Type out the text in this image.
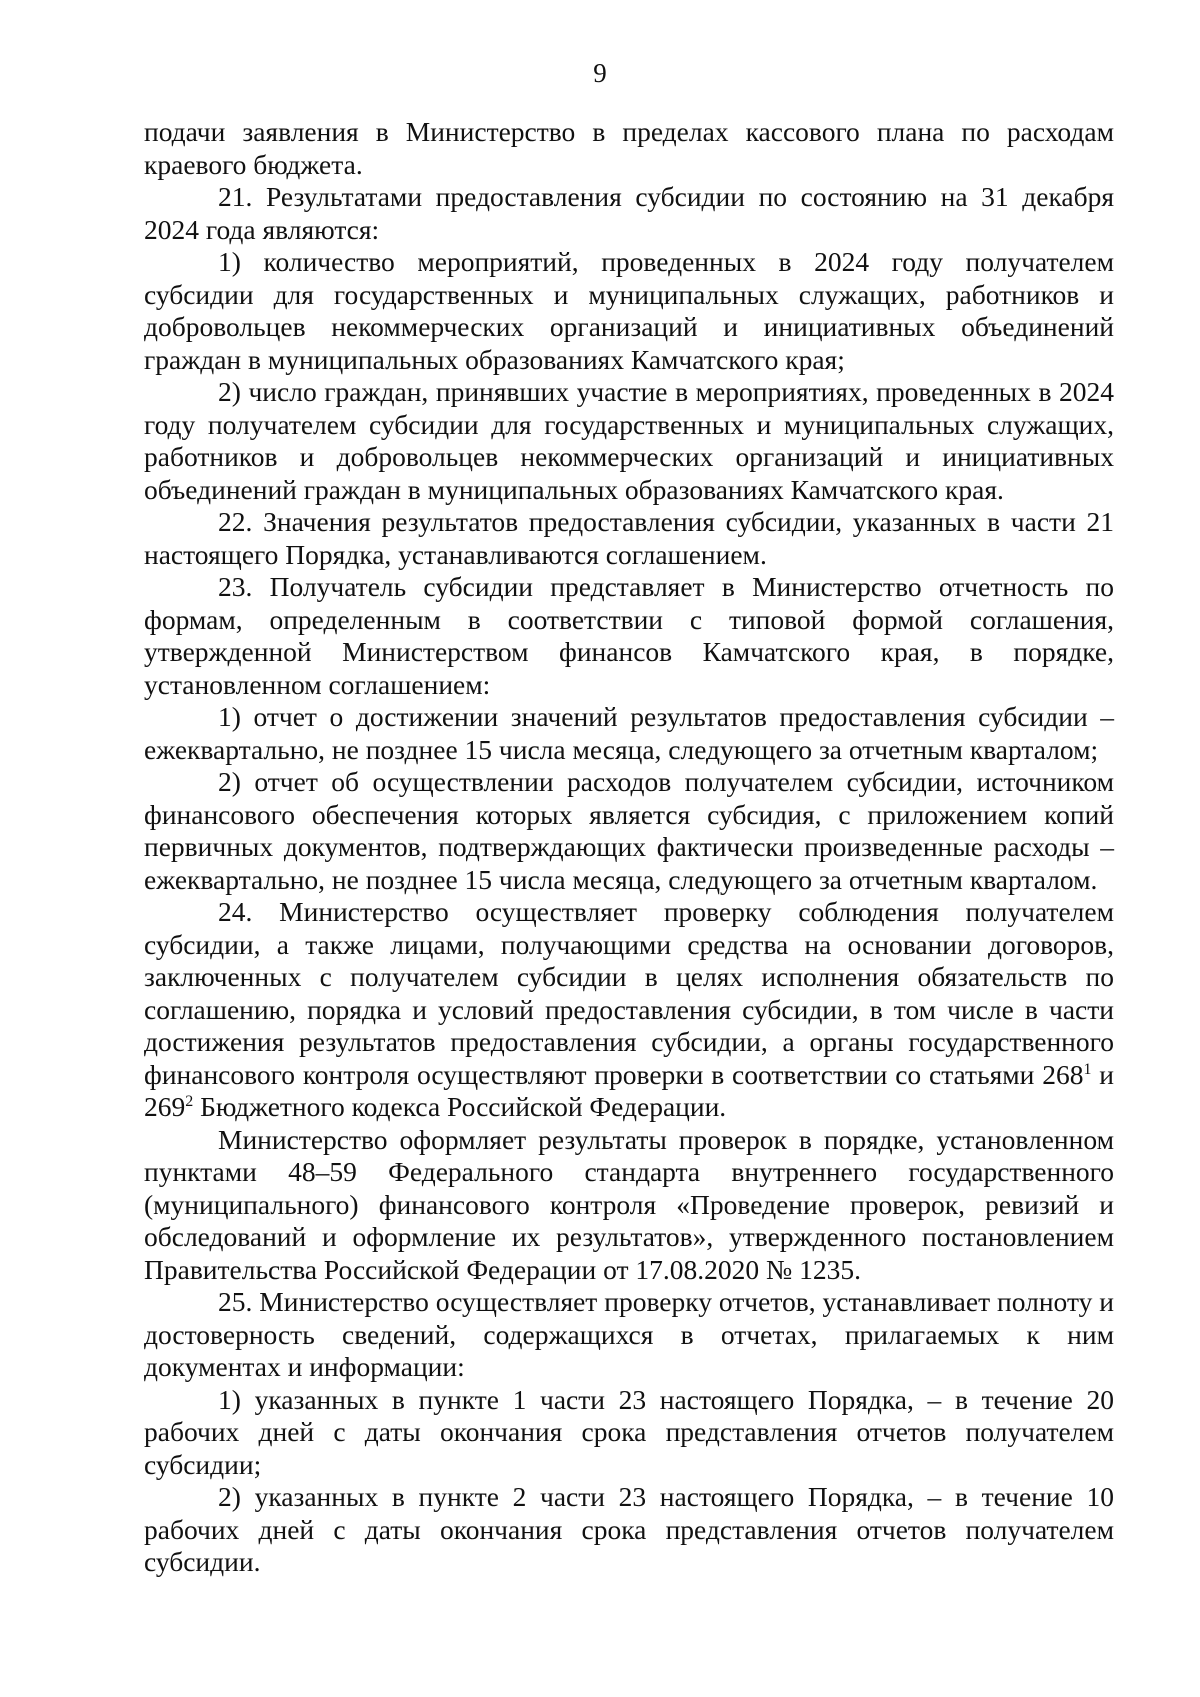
9

подачи заявления в Министерство в пределах кассового плана по расходам краевого бюджета.

21. Результатами предоставления субсидии по состоянию на 31 декабря 2024 года являются:

1) количество мероприятий, проведенных в 2024 году получателем субсидии для государственных и муниципальных служащих, работников и добровольцев некоммерческих организаций и инициативных объединений граждан в муниципальных образованиях Камчатского края;

2) число граждан, принявших участие в мероприятиях, проведенных в 2024 году получателем субсидии для государственных и муниципальных служащих, работников и добровольцев некоммерческих организаций и инициативных объединений граждан в муниципальных образованиях Камчатского края.

22. Значения результатов предоставления субсидии, указанных в части 21 настоящего Порядка, устанавливаются соглашением.

23. Получатель субсидии представляет в Министерство отчетность по формам, определенным в соответствии с типовой формой соглашения, утвержденной Министерством финансов Камчатского края, в порядке, установленном соглашением:

1) отчет о достижении значений результатов предоставления субсидии – ежеквартально, не позднее 15 числа месяца, следующего за отчетным кварталом;

2) отчет об осуществлении расходов получателем субсидии, источником финансового обеспечения которых является субсидия, с приложением копий первичных документов, подтверждающих фактически произведенные расходы – ежеквартально, не позднее 15 числа месяца, следующего за отчетным кварталом.

24. Министерство осуществляет проверку соблюдения получателем субсидии, а также лицами, получающими средства на основании договоров, заключенных с получателем субсидии в целях исполнения обязательств по соглашению, порядка и условий предоставления субсидии, в том числе в части достижения результатов предоставления субсидии, а органы государственного финансового контроля осуществляют проверки в соответствии со статьями $268^1$ и $269^2$ Бюджетного кодекса Российской Федерации.

Министерство оформляет результаты проверок в порядке, установленном пунктами 48–59 Федерального стандарта внутреннего государственного (муниципального) финансового контроля «Проведение проверок, ревизий и обследований и оформление их результатов», утвержденного постановлением Правительства Российской Федерации от 17.08.2020 № 1235.

25. Министерство осуществляет проверку отчетов, устанавливает полноту и достоверность сведений, содержащихся в отчетах, прилагаемых к ним документах и информации:

1) указанных в пункте 1 части 23 настоящего Порядка, – в течение 20 рабочих дней с даты окончания срока представления отчетов получателем субсидии;

2) указанных в пункте 2 части 23 настоящего Порядка, – в течение 10 рабочих дней с даты окончания срока представления отчетов получателем субсидии.
